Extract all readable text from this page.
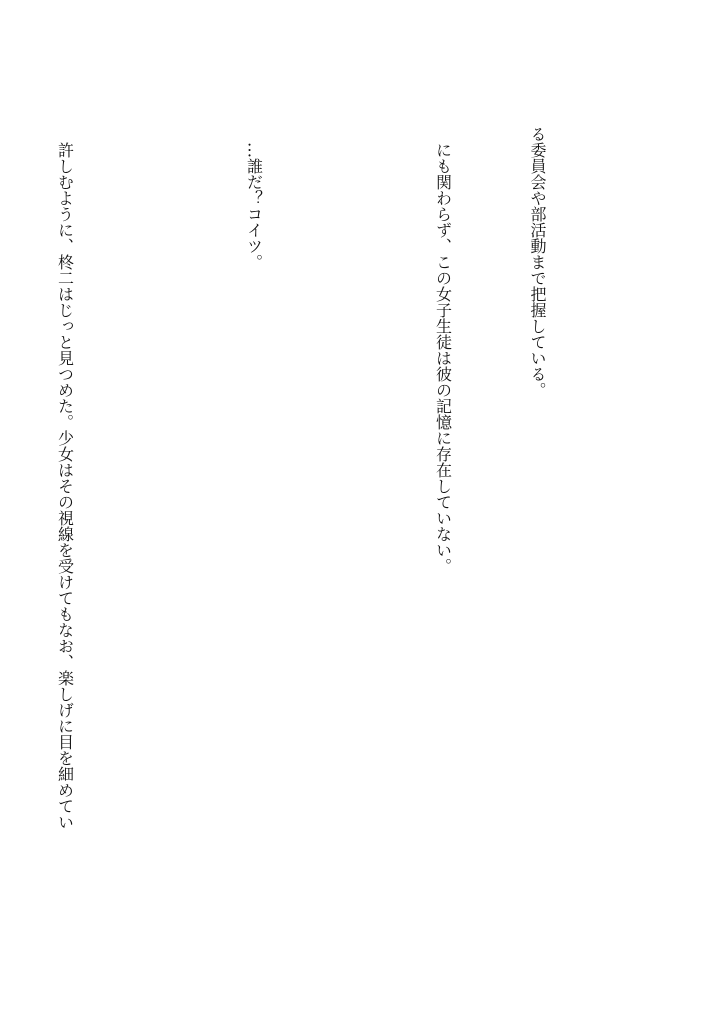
る委員会や部活動まで把握している。

にも関わらず、この女子生徒は彼の記憶に存在していない。

…誰だ？コイツ。

許しむように、柊二はじっと見つめた。少女はその視線を受けてもなお、楽しげに目を細めてい
